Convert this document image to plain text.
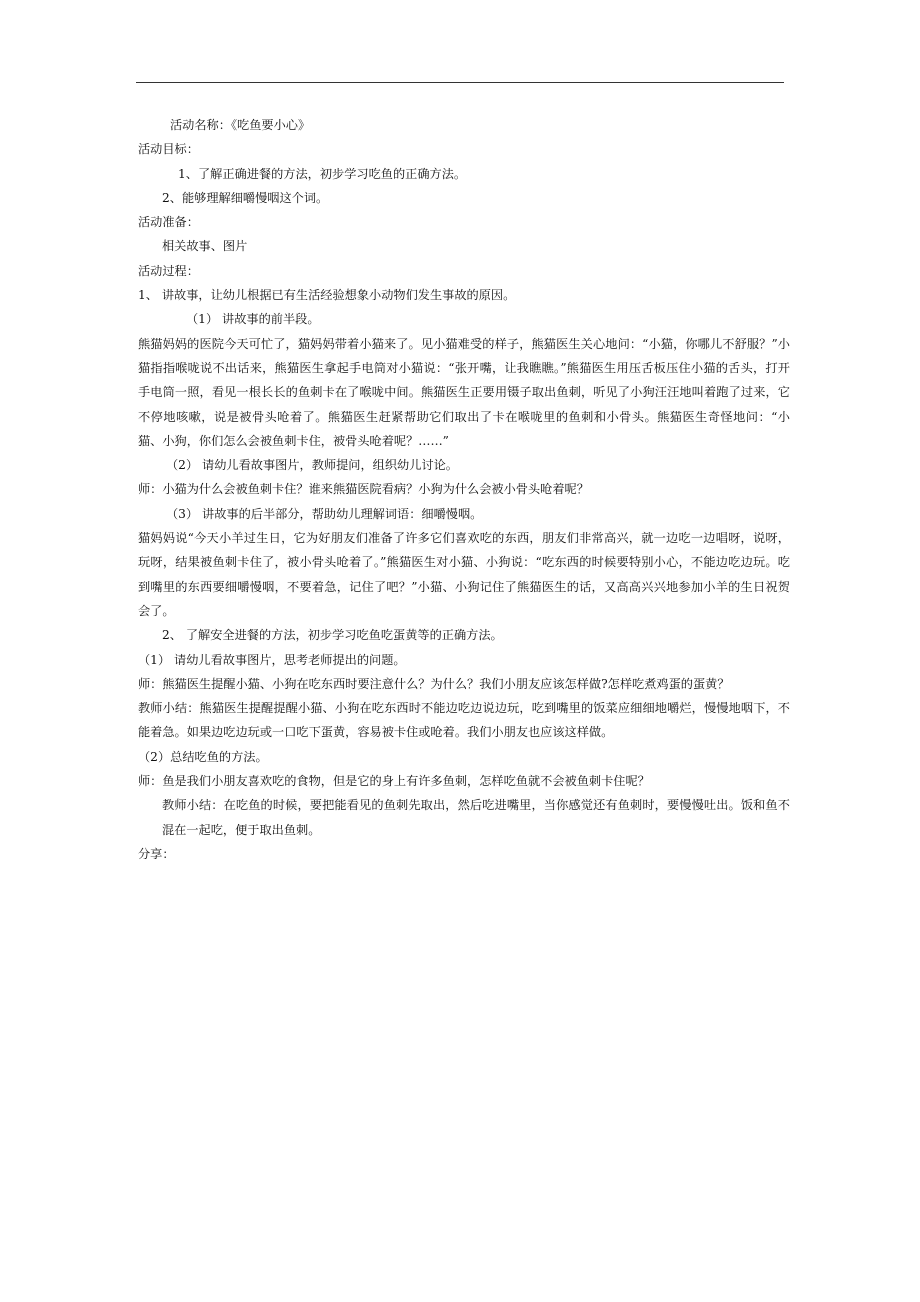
活动名称：《吃鱼要小心》
活动目标：
1、了解正确进餐的方法，初步学习吃鱼的正确方法。
2、能够理解细嚼慢咽这个词。
活动准备：
相关故事、图片
活动过程：
1、 讲故事，让幼儿根据已有生活经验想象小动物们发生事故的原因。
（1） 讲故事的前半段。
熊猫妈妈的医院今天可忙了，猫妈妈带着小猫来了。见小猫难受的样子，熊猫医生关心地问：“小猫，你哪儿不舒服？”小猫指指喉咙说不出话来，熊猫医生拿起手电筒对小猫说：“张开嘴，让我瞧瞧。”熊猫医生用压舌板压住小猫的舌头，打开手电筒一照，看见一根长长的鱼刺卡在了喉咙中间。熊猫医生正要用镊子取出鱼刺，听见了小狗汪汪地叫着跑了过来，它不停地咳嗽，说是被骨头呛着了。熊猫医生赶紧帮助它们取出了卡在喉咙里的鱼刺和小骨头。熊猫医生奇怪地问：“小猫、小狗，你们怎么会被鱼刺卡住，被骨头呛着呢？……”
（2） 请幼儿看故事图片，教师提问，组织幼儿讨论。
师：小猫为什么会被鱼刺卡住？谁来熊猫医院看病？小狗为什么会被小骨头呛着呢？
（3） 讲故事的后半部分，帮助幼儿理解词语：细嚼慢咽。
猫妈妈说“今天小羊过生日，它为好朋友们准备了许多它们喜欢吃的东西，朋友们非常高兴，就一边吃一边唱呀，说呀，玩呀，结果被鱼刺卡住了，被小骨头呛着了。”熊猫医生对小猫、小狗说：“吃东西的时候要特别小心，不能边吃边玩。吃到嘴里的东西要细嚼慢咽，不要着急，记住了吧？”小猫、小狗记住了熊猫医生的话，又高高兴兴地参加小羊的生日祝贺会了。
2、 了解安全进餐的方法，初步学习吃鱼吃蛋黄等的正确方法。
（1） 请幼儿看故事图片，思考老师提出的问题。
师：熊猫医生提醒小猫、小狗在吃东西时要注意什么？为什么？我们小朋友应该怎样做?怎样吃煮鸡蛋的蛋黄？
教师小结：熊猫医生提醒提醒小猫、小狗在吃东西时不能边吃边说边玩，吃到嘴里的饭菜应细细地嚼烂，慢慢地咽下，不能着急。如果边吃边玩或一口吃下蛋黄，容易被卡住或呛着。我们小朋友也应该这样做。
（2）总结吃鱼的方法。
师：鱼是我们小朋友喜欢吃的食物，但是它的身上有许多鱼刺，怎样吃鱼就不会被鱼刺卡住呢？
教师小结：在吃鱼的时候，要把能看见的鱼刺先取出，然后吃进嘴里，当你感觉还有鱼刺时，要慢慢吐出。饭和鱼不混在一起吃，便于取出鱼刺。
分享：
